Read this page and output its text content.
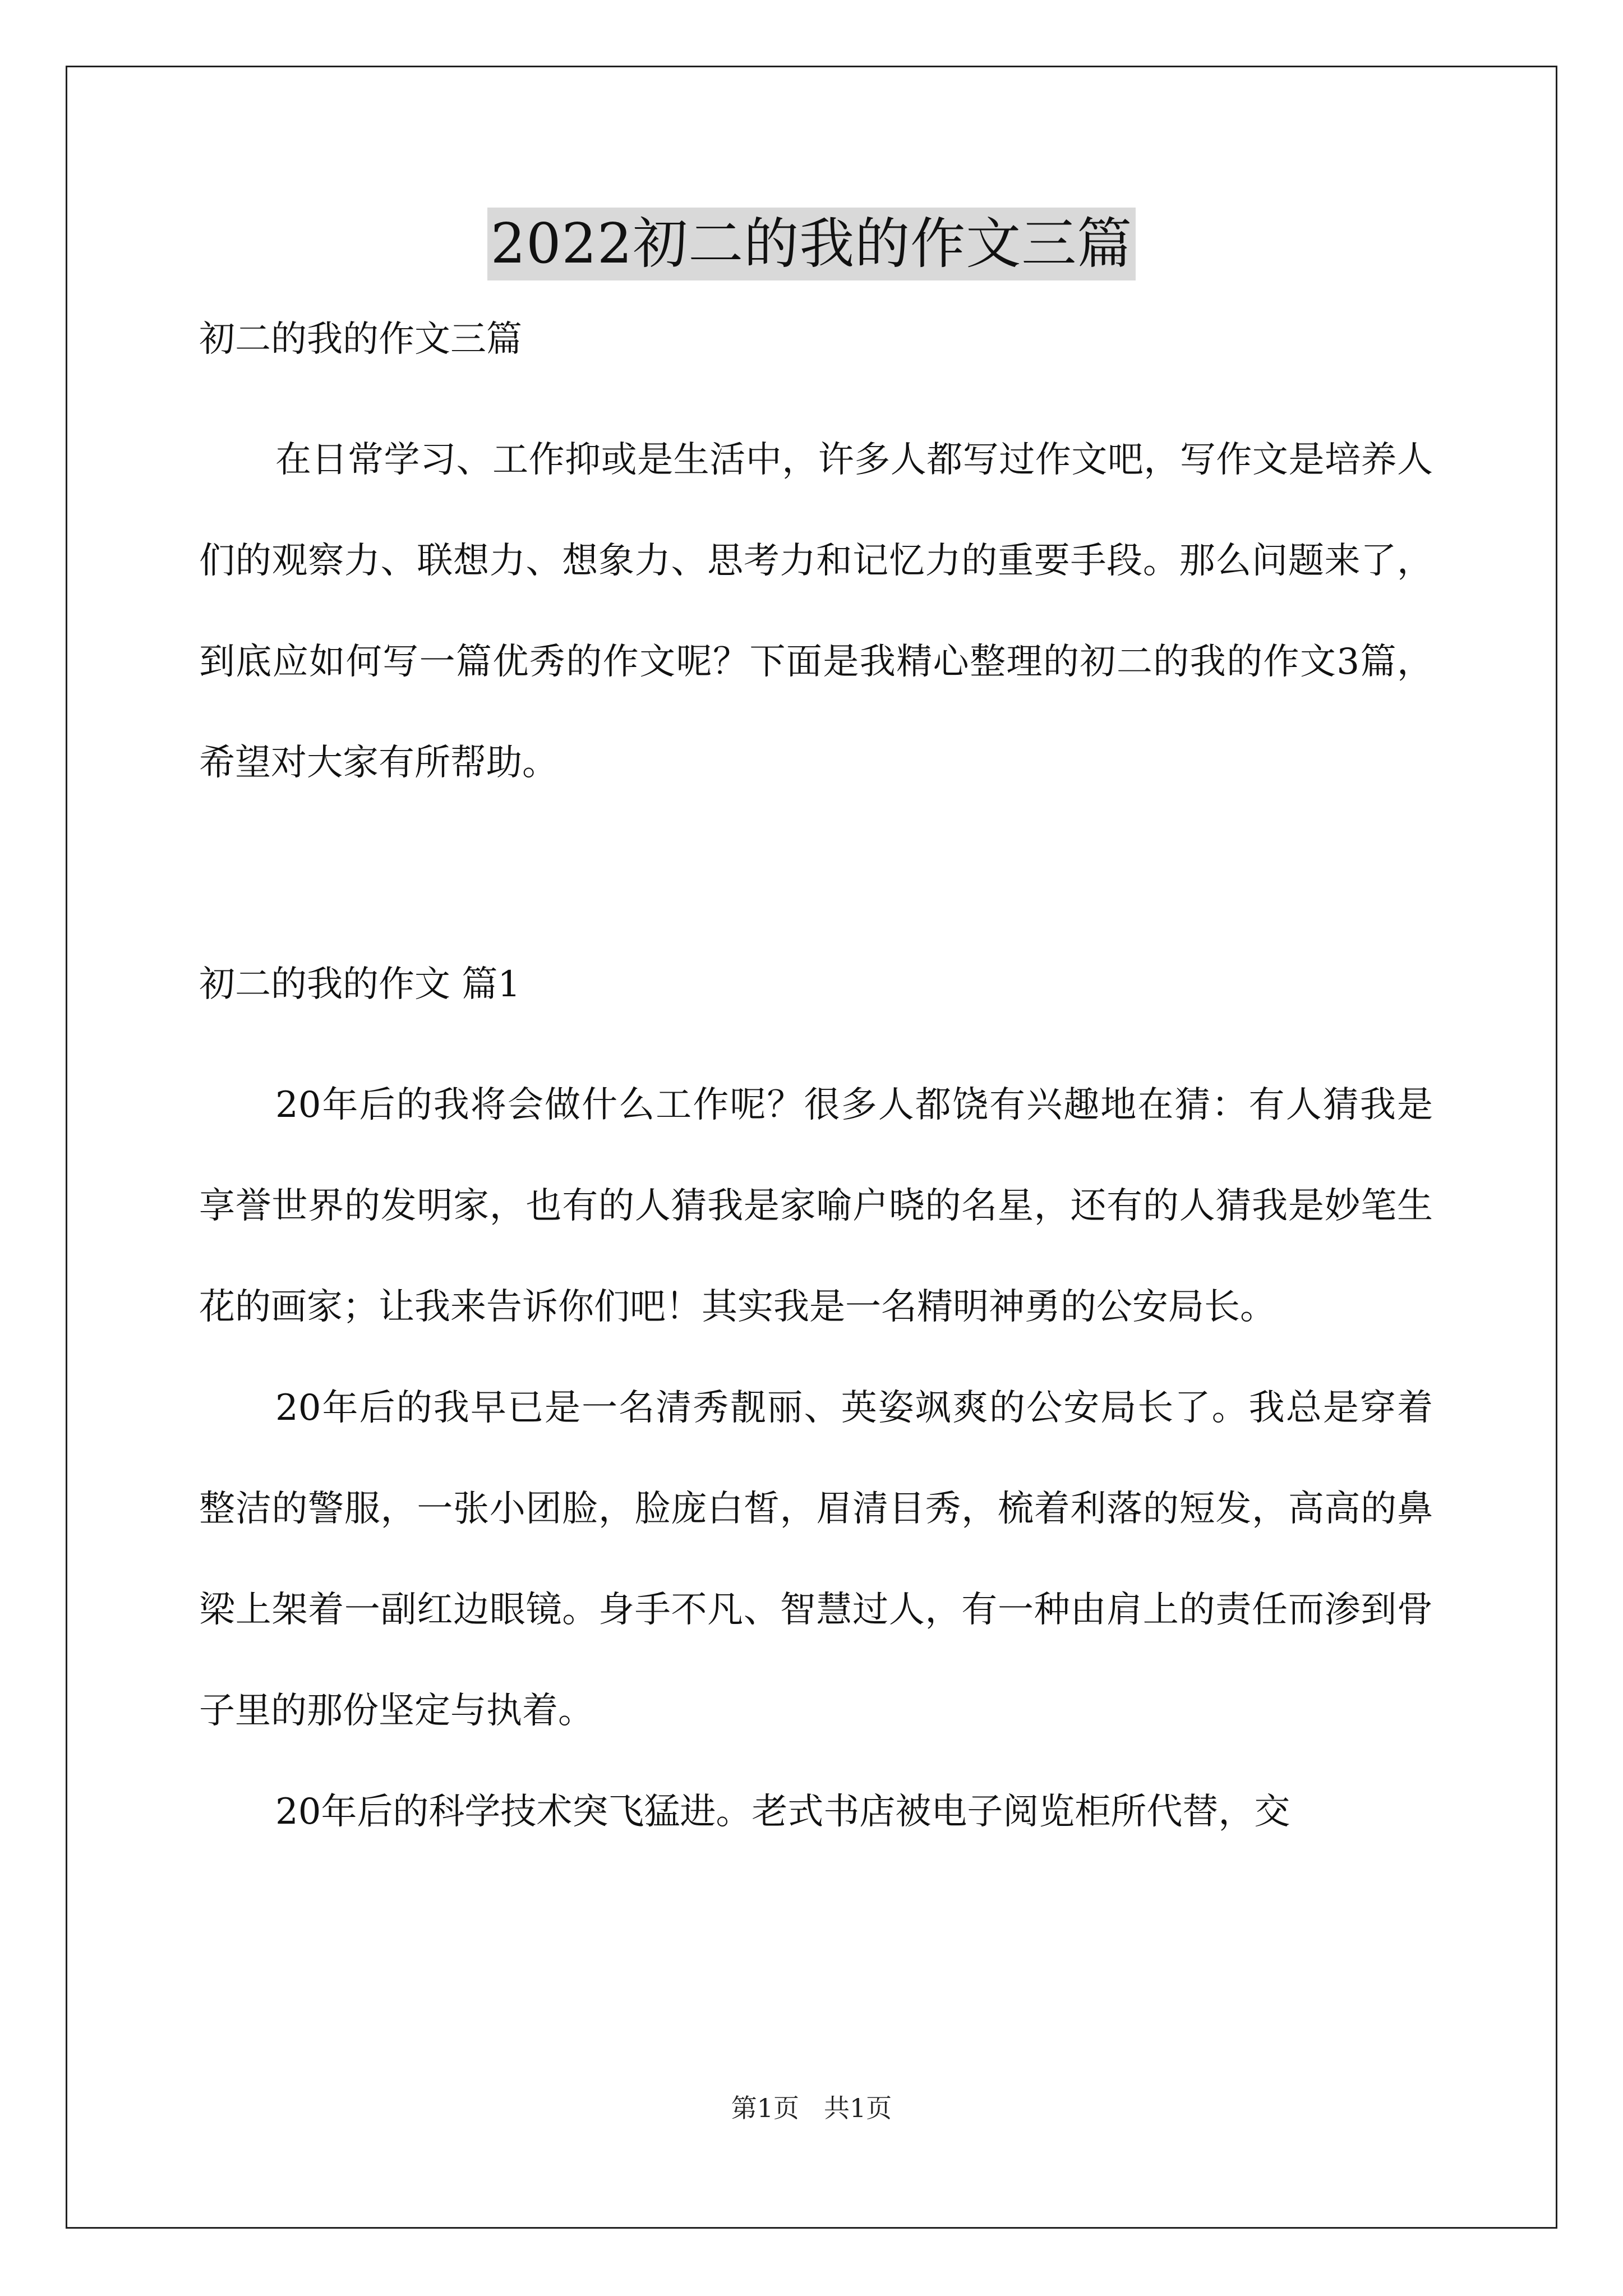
2022初二的我的作文三篇

初二的我的作文三篇

在日常学习、工作抑或是生活中，许多人都写过作文吧，写作文是培养人们的观察力、联想力、想象力、思考力和记忆力的重要手段。那么问题来了，到底应如何写一篇优秀的作文呢？下面是我精心整理的初二的我的作文3篇，希望对大家有所帮助。

初二的我的作文 篇1

20年后的我将会做什么工作呢？很多人都饶有兴趣地在猜：有人猜我是享誉世界的发明家，也有的人猜我是家喻户晓的名星，还有的人猜我是妙笔生花的画家；让我来告诉你们吧！其实我是一名精明神勇的公安局长。

20年后的我早已是一名清秀靓丽、英姿飒爽的公安局长了。我总是穿着整洁的警服，一张小团脸，脸庞白皙，眉清目秀，梳着利落的短发，高高的鼻梁上架着一副红边眼镜。身手不凡、智慧过人，有一种由肩上的责任而渗到骨子里的那份坚定与执着。

20年后的科学技术突飞猛进。老式书店被电子阅览柜所代替，交

第1页 共1页
